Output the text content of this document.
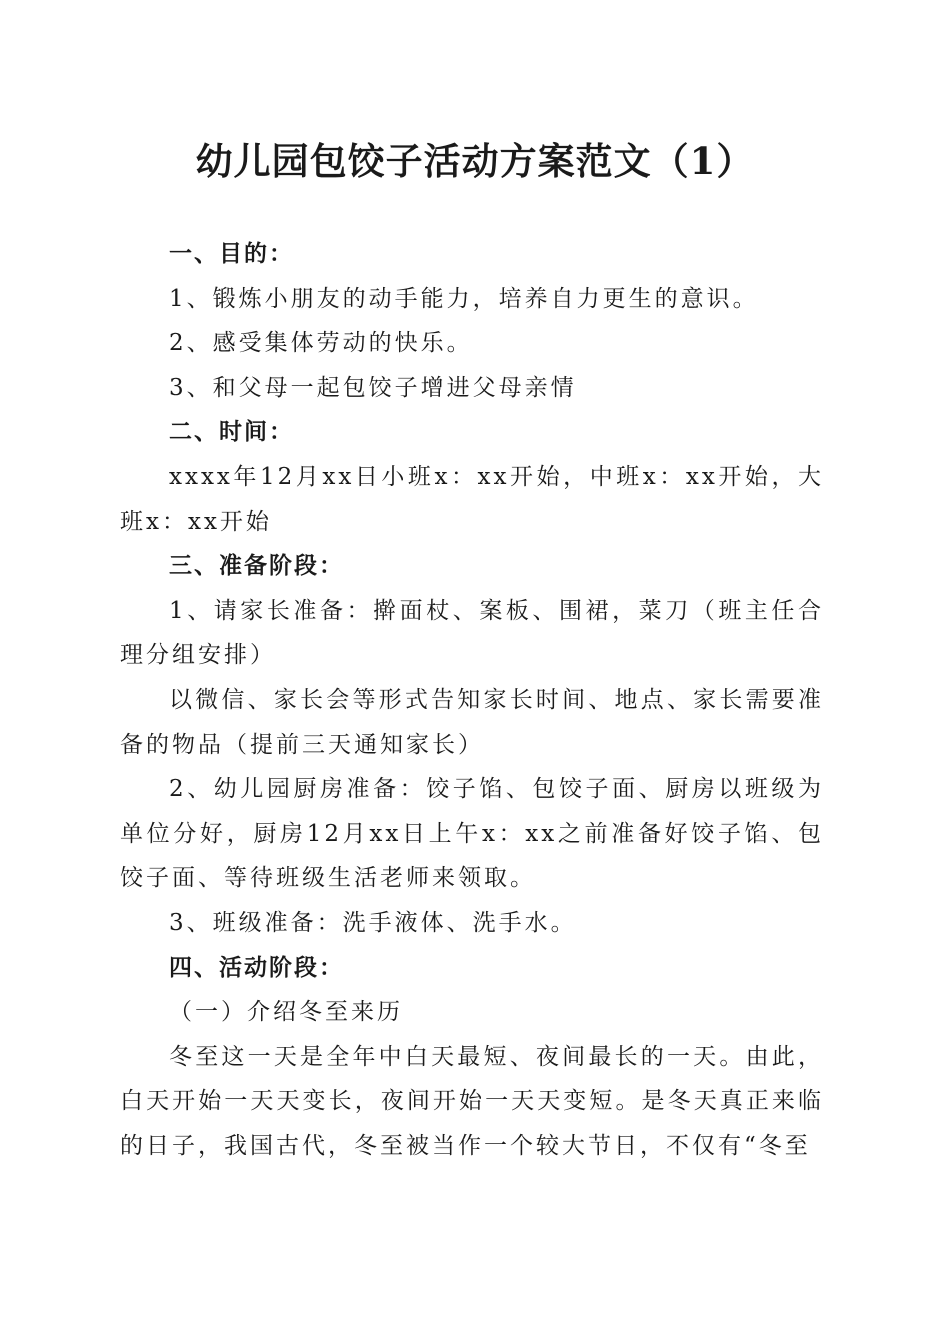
幼儿园包饺子活动方案范文（1）

一、目的：

1、锻炼小朋友的动手能力，培养自力更生的意识。

2、感受集体劳动的快乐。

3、和父母一起包饺子增进父母亲情

二、时间：

xxxx年12月xx日小班x：xx开始，中班x：xx开始，大班x：xx开始

三、准备阶段：

1、请家长准备：擀面杖、案板、围裙，菜刀（班主任合理分组安排）

以微信、家长会等形式告知家长时间、地点、家长需要准备的物品（提前三天通知家长）

2、幼儿园厨房准备：饺子馅、包饺子面、厨房以班级为单位分好，厨房12月xx日上午x：xx之前准备好饺子馅、包饺子面、等待班级生活老师来领取。

3、班级准备：洗手液体、洗手水。

四、活动阶段：

（一）介绍冬至来历

冬至这一天是全年中白天最短、夜间最长的一天。由此，白天开始一天天变长，夜间开始一天天变短。是冬天真正来临的日子，我国古代，冬至被当作一个较大节日，不仅有“冬至
